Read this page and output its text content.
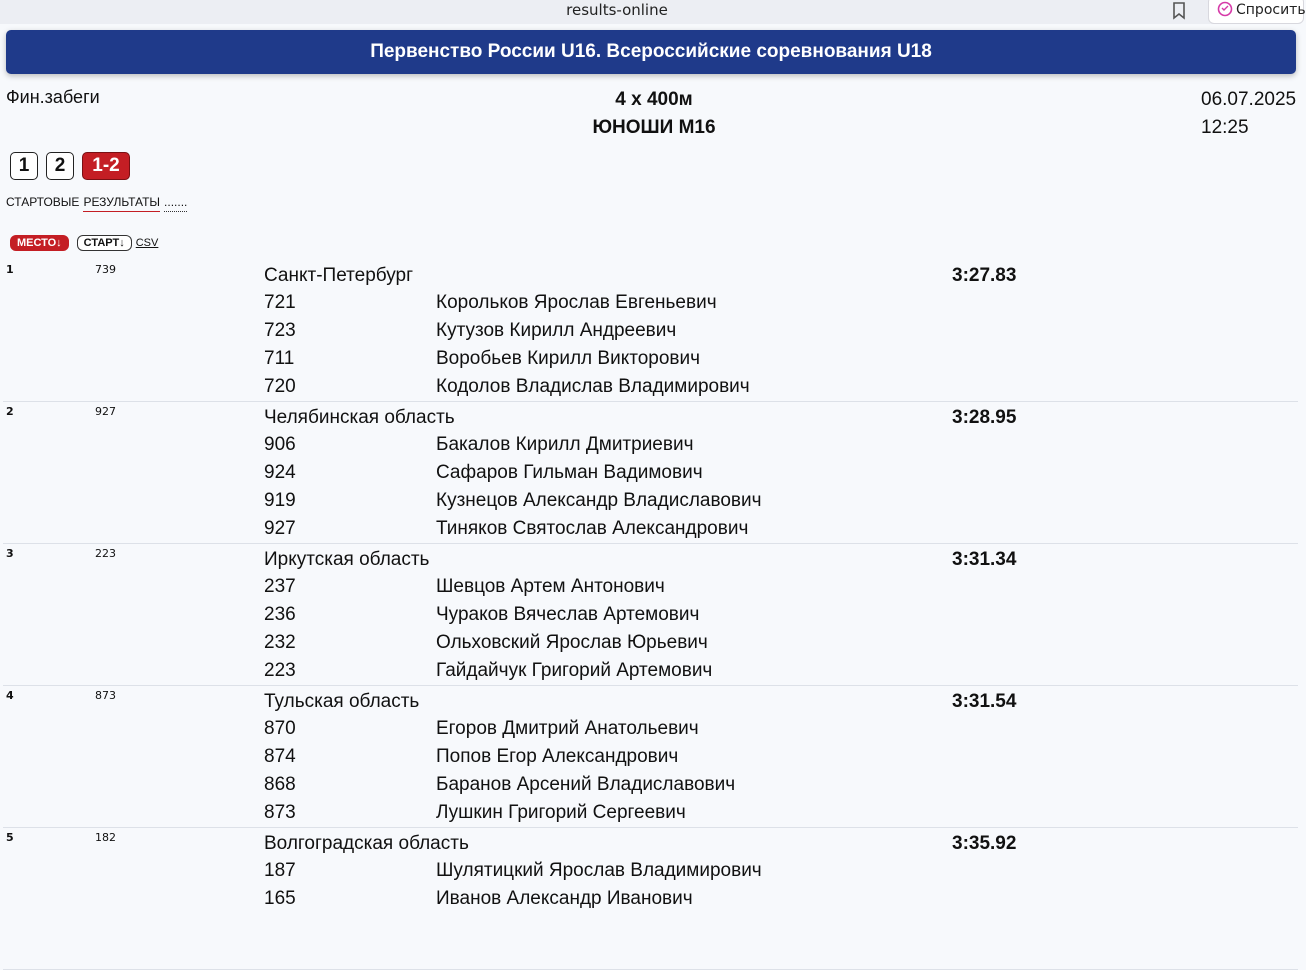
results-online	Спросить
Первенство России U16. Всероссийские соревнования U18
Фин.забеги	4 х 400м
ЮНОШИ М16
06.07.2025
12:25
1	2	1-2
СТАРТОВЫЕ РЕЗУЛЬТАТЫ .......
МЕСТО↓	СТАРТ↓	CSV
1	739	Санкт-Петербург	3:27.83
721	Корольков Ярослав Евгеньевич
723	Кутузов Кирилл Андреевич
711	Воробьев Кирилл Викторович
720	Кодолов Владислав Владимирович
2	927	Челябинская область	3:28.95
906	Бакалов Кирилл Дмитриевич
924	Сафаров Гильман Вадимович
919	Кузнецов Александр Владиславович
927	Тиняков Святослав Александрович
3	223	Иркутская область	3:31.34
237	Шевцов Артем Антонович
236	Чураков Вячеслав Артемович
232	Ольховский Ярослав Юрьевич
223	Гайдайчук Григорий Артемович
4	873	Тульская область	3:31.54
870	Егоров Дмитрий Анатольевич
874	Попов Егор Александрович
868	Баранов Арсений Владиславович
873	Лушкин Григорий Сергеевич
5	182	Волгоградская область	3:35.92
187	Шулятицкий Ярослав Владимирович
165	Иванов Александр Иванович
